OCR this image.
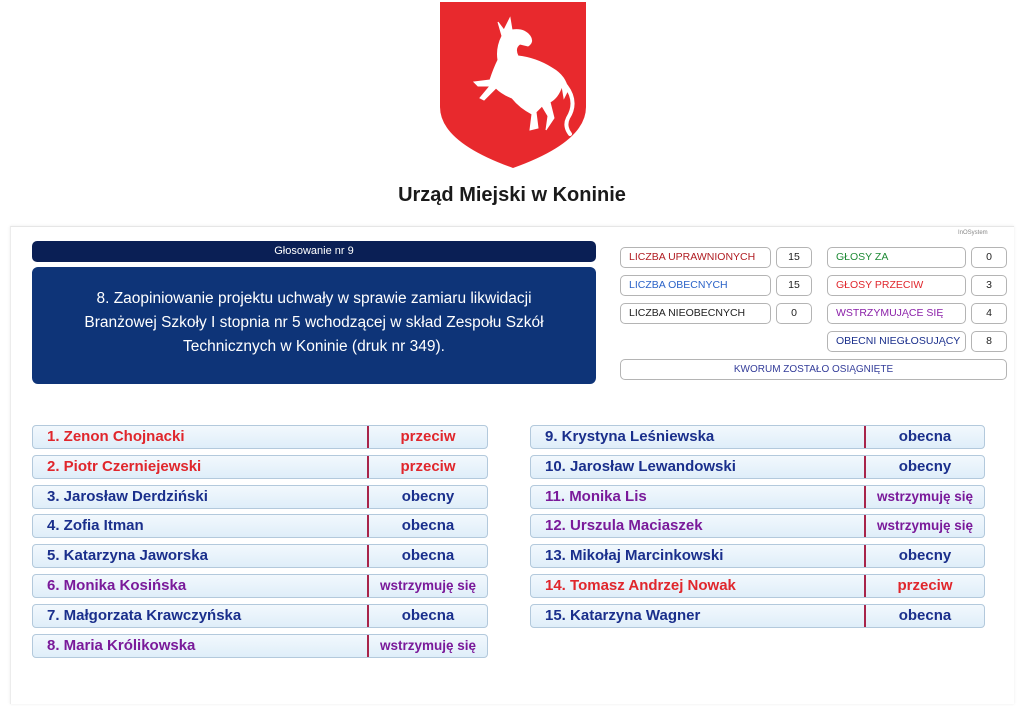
Urząd Miejski w Koninie
InOSystem
Głosowanie nr 9
8. Zaopiniowanie projektu uchwały w sprawie zamiaru likwidacji Branżowej Szkoły I stopnia nr 5 wchodzącej w skład Zespołu Szkół Technicznych w Koninie (druk nr 349).
LICZBA UPRAWNIONYCH	15
LICZBA OBECNYCH	15
LICZBA NIEOBECNYCH	0
GŁOSY ZA	0
GŁOSY PRZECIW	3
WSTRZYMUJĄCE SIĘ	4
OBECNI NIEGŁOSUJĄCY	8
KWORUM ZOSTAŁO OSIĄGNIĘTE
1. Zenon Chojnacki	przeciw
2. Piotr Czerniejewski	przeciw
3. Jarosław Derdziński	obecny
4. Zofia Itman	obecna
5. Katarzyna Jaworska	obecna
6. Monika Kosińska	wstrzymuję się
7. Małgorzata Krawczyńska	obecna
8. Maria Królikowska	wstrzymuję się
9. Krystyna Leśniewska	obecna
10. Jarosław Lewandowski	obecny
11. Monika Lis	wstrzymuję się
12. Urszula Maciaszek	wstrzymuję się
13. Mikołaj Marcinkowski	obecny
14. Tomasz Andrzej Nowak	przeciw
15. Katarzyna Wagner	obecna
